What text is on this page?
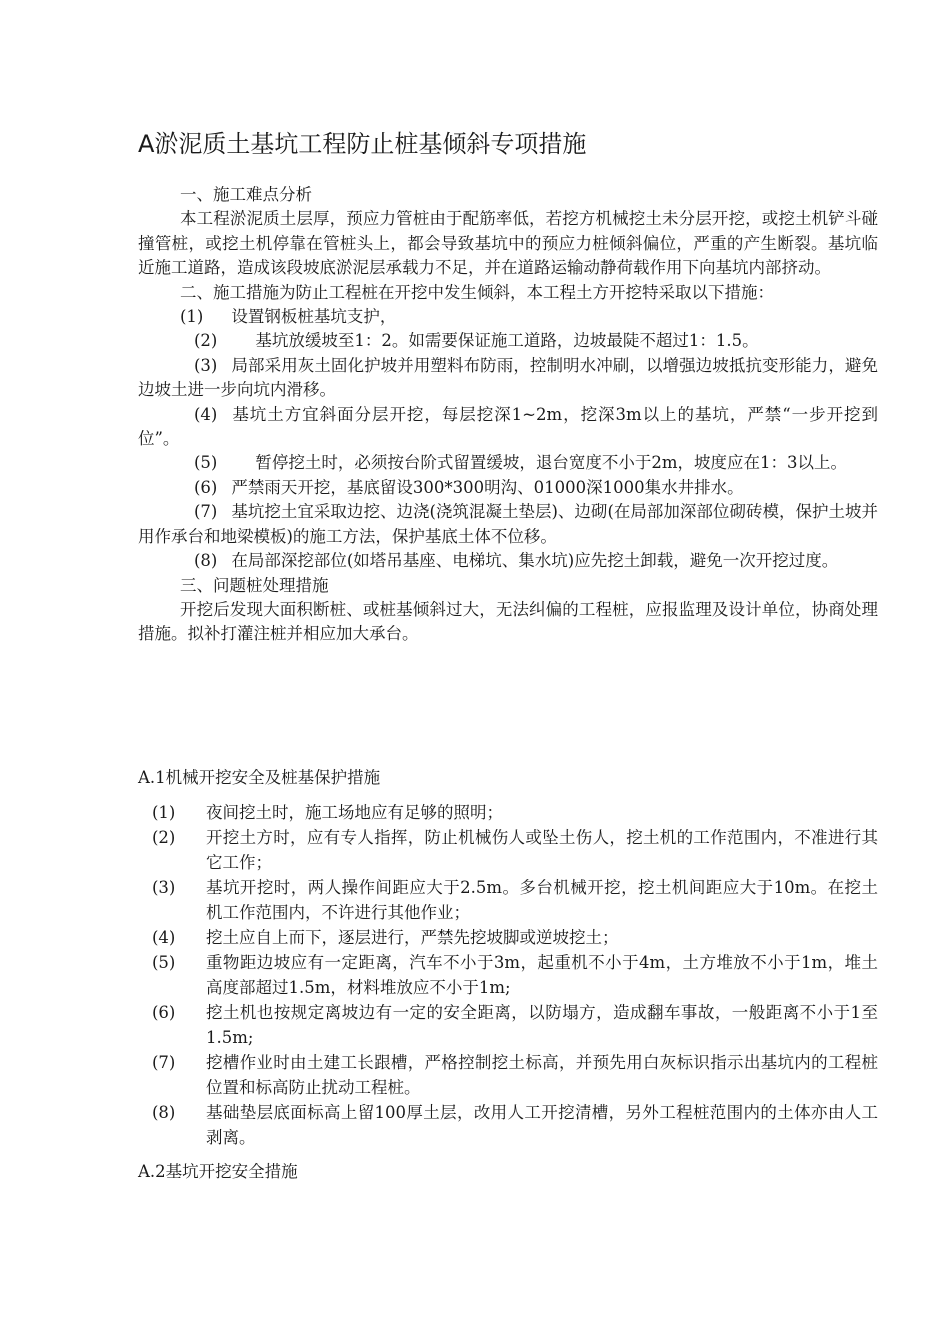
A淤泥质土基坑工程防止桩基倾斜专项措施

一、施工难点分析

本工程淤泥质土层厚，预应力管桩由于配筋率低，若挖方机械挖土未分层开挖，或挖土机铲斗碰撞管桩，或挖土机停靠在管桩头上，都会导致基坑中的预应力桩倾斜偏位，严重的产生断裂。基坑临近施工道路，造成该段坡底淤泥层承载力不足，并在道路运输动静荷载作用下向基坑内部挤动。

二、施工措施为防止工程桩在开挖中发生倾斜，本工程土方开挖特采取以下措施：

(1) 设置钢板桩基坑支护，

(2) 基坑放缓坡至1：2。如需要保证施工道路，边坡最陡不超过1：1.5。

(3) 局部采用灰土固化护坡并用塑料布防雨，控制明水冲刷，以增强边坡抵抗变形能力，避免边坡土进一步向坑内滑移。

(4) 基坑土方宜斜面分层开挖，每层挖深1~2m，挖深3m以上的基坑，严禁“一步开挖到位”。

(5) 暂停挖土时，必须按台阶式留置缓坡，退台宽度不小于2m，坡度应在1：3以上。

(6) 严禁雨天开挖，基底留设300*300明沟、01000深1000集水井排水。

(7) 基坑挖土宜采取边挖、边浇(浇筑混凝土垫层)、边砌(在局部加深部位砌砖模，保护土坡并用作承台和地梁模板)的施工方法，保护基底土体不位移。

(8) 在局部深挖部位(如塔吊基座、电梯坑、集水坑)应先挖土卸载，避免一次开挖过度。

三、问题桩处理措施

开挖后发现大面积断桩、或桩基倾斜过大，无法纠偏的工程桩，应报监理及设计单位，协商处理措施。拟补打灌注桩并相应加大承台。

A.1机械开挖安全及桩基保护措施
(1)	夜间挖土时，施工场地应有足够的照明；
(2)	开挖土方时，应有专人指挥，防止机械伤人或坠土伤人，挖土机的工作范围内，不准进行其它工作；
(3)	基坑开挖时，两人操作间距应大于2.5m。多台机械开挖，挖土机间距应大于10m。在挖土机工作范围内，不许进行其他作业；
(4)	挖土应自上而下，逐层进行，严禁先挖坡脚或逆坡挖土；
(5)	重物距边坡应有一定距离，汽车不小于3m，起重机不小于4m，土方堆放不小于1m，堆土高度部超过1.5m，材料堆放应不小于1m;
(6)	挖土机也按规定离坡边有一定的安全距离，以防塌方，造成翻车事故，一般距离不小于1至1.5m;
(7)	挖槽作业时由土建工长跟槽，严格控制挖土标高，并预先用白灰标识指示出基坑内的工程桩位置和标高防止扰动工程桩。
(8)	基础垫层底面标高上留100厚土层，改用人工开挖清槽，另外工程桩范围内的土体亦由人工剥离。
A.2基坑开挖安全措施
